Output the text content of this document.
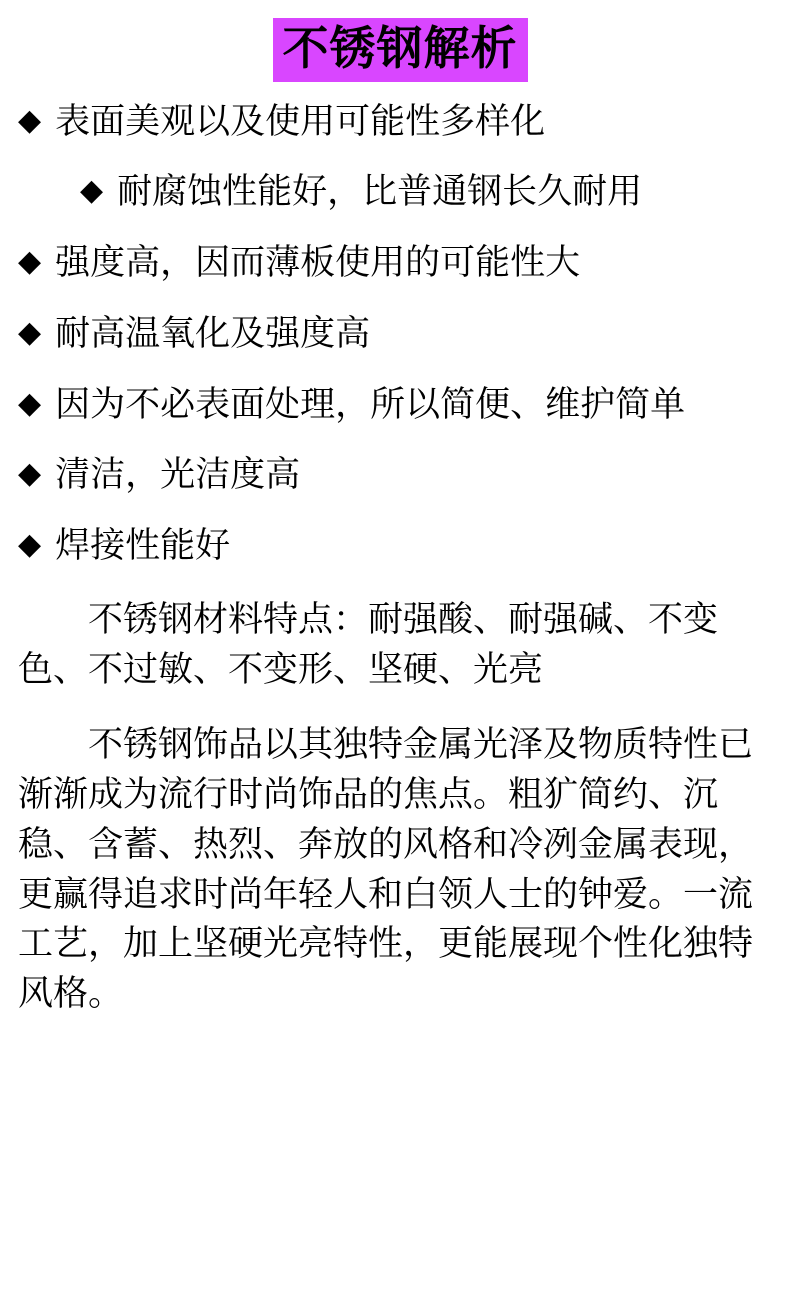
不锈钢解析
◆ 表面美观以及使用可能性多样化
◆ 耐腐蚀性能好，比普通钢长久耐用
◆ 强度高，因而薄板使用的可能性大
◆ 耐高温氧化及强度高
◆ 因为不必表面处理，所以简便、维护简单
◆ 清洁，光洁度高
◆ 焊接性能好

不锈钢材料特点：耐强酸、耐强碱、不变色、不过敏、不变形、坚硬、光亮

不锈钢饰品以其独特金属光泽及物质特性已渐渐成为流行时尚饰品的焦点。粗犷简约、沉稳、含蓄、热烈、奔放的风格和冷冽金属表现，更赢得追求时尚年轻人和白领人士的钟爱。一流工艺，加上坚硬光亮特性，更能展现个性化独特风格。
